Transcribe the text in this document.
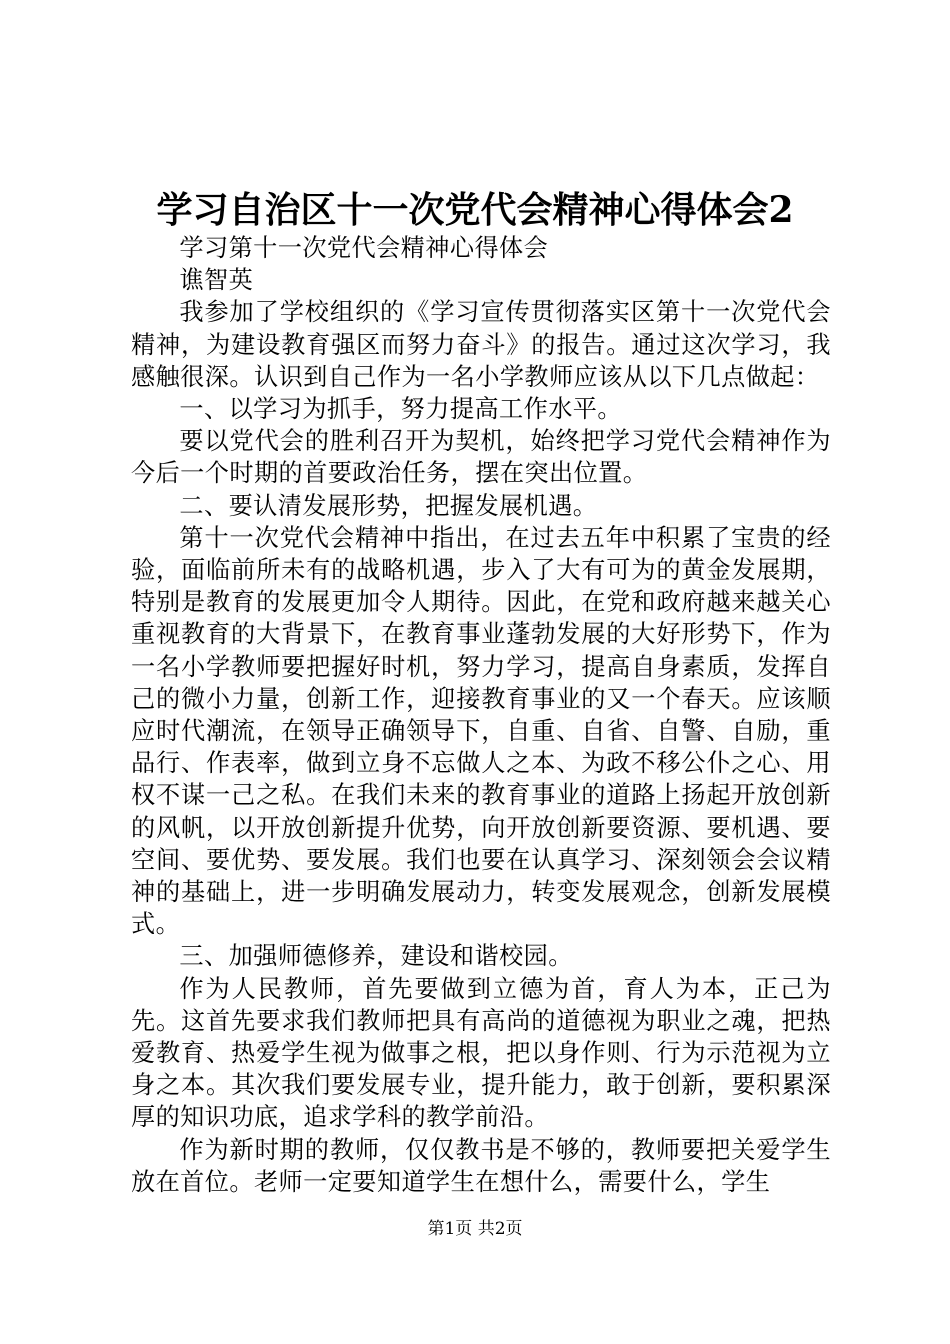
学习自治区十一次党代会精神心得体会2

学习第十一次党代会精神心得体会

谯智英

我参加了学校组织的《学习宣传贯彻落实区第十一次党代会精神，为建设教育强区而努力奋斗》的报告。通过这次学习，我感触很深。认识到自己作为一名小学教师应该从以下几点做起：

一、以学习为抓手，努力提高工作水平。

要以党代会的胜利召开为契机，始终把学习党代会精神作为今后一个时期的首要政治任务，摆在突出位置。

二、要认清发展形势，把握发展机遇。

第十一次党代会精神中指出，在过去五年中积累了宝贵的经验，面临前所未有的战略机遇，步入了大有可为的黄金发展期，特别是教育的发展更加令人期待。因此，在党和政府越来越关心重视教育的大背景下，在教育事业蓬勃发展的大好形势下，作为一名小学教师要把握好时机，努力学习，提高自身素质，发挥自己的微小力量，创新工作，迎接教育事业的又一个春天。应该顺应时代潮流，在领导正确领导下，自重、自省、自警、自励，重品行、作表率，做到立身不忘做人之本、为政不移公仆之心、用权不谋一己之私。在我们未来的教育事业的道路上扬起开放创新的风帆，以开放创新提升优势，向开放创新要资源、要机遇、要空间、要优势、要发展。我们也要在认真学习、深刻领会会议精神的基础上，进一步明确发展动力，转变发展观念，创新发展模式。

三、加强师德修养，建设和谐校园。

作为人民教师，首先要做到立德为首，育人为本，正己为先。这首先要求我们教师把具有高尚的道德视为职业之魂，把热爱教育、热爱学生视为做事之根，把以身作则、行为示范视为立身之本。其次我们要发展专业，提升能力，敢于创新，要积累深厚的知识功底，追求学科的教学前沿。

作为新时期的教师，仅仅教书是不够的，教师要把关爱学生放在首位。老师一定要知道学生在想什么，需要什么，学生

第1页 共2页
